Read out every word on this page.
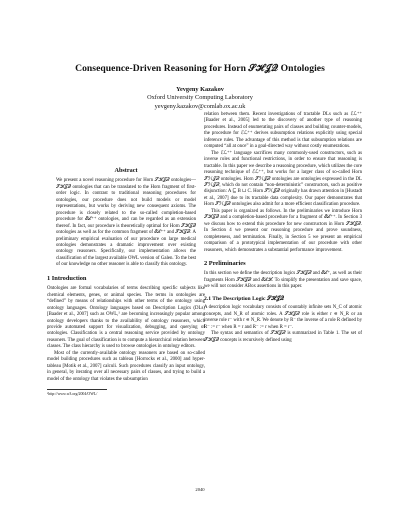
Consequence-Driven Reasoning for Horn 𝒮ℋ𝒥𝒬 Ontologies
Yevgeny Kazakov
Oxford University Computing Laboratory
yevgeny.kazakov@comlab.ox.ac.uk
Abstract

We present a novel reasoning procedure for Horn 𝒮ℋ𝒥𝒬 ontologies—𝒮ℋ𝒥𝒬 ontologies that can be translated to the Horn fragment of first-order logic. In contrast to traditional reasoning procedures for ontologies, our procedure does not build models or model representations, but works by deriving new consequent axioms. The procedure is closely related to the so-called completion-based procedure for ℰℒ⁺⁺ ontologies, and can be regarded as an extension thereof. In fact, our procedure is theoretically optimal for Horn 𝒮ℋ𝒥𝒬 ontologies as well as for the common fragment of ℰℒ⁺⁺ and 𝒮ℋ𝒥𝒬. A preliminary empirical evaluation of our procedure on large medical ontologies demonstrates a dramatic improvement over existing ontology reasoners. Specifically, our implementation allows the classification of the largest available OWL version of Galen. To the best of our knowledge no other reasoner is able to classify this ontology.

1 Introduction

Ontologies are formal vocabularies of terms describing specific subjects like chemical elements, genes, or animal species. The terms in ontologies are “defined” by means of relationships with other terms of the ontology using ontology languages. Ontology languages based on Description Logics (DLs) [Baader et al., 2007] such as OWL,¹ are becoming increasingly popular among ontology developers thanks to the availability of ontology reasoners, which provide automated support for visualization, debugging, and querying of ontologies. Classification is a central reasoning service provided by ontology reasoners. The goal of classification is to compute a hierarchical relation between classes. The class hierarchy is used to browse ontologies in ontology editors.

Most of the currently-available ontology reasoners are based on so-called model building procedures such as tableau [Horrocks et al., 2000] and hyper-tableau [Motik et al., 2007] calculi. Such procedures classify an input ontology, in general, by iterating over all necessary pairs of classes, and trying to build a model of the ontology that violates the subsumption

¹http://www.w3.org/2004/OWL/

relation between them. Recent investigations of tractable DLs such as ℰℒ⁺⁺ [Baader et al., 2005] led to the discovery of another type of reasoning procedures. Instead of enumerating pairs of classes and building counter-models, the procedure for ℰℒ⁺⁺ derives subsumption relations explicitly using special inference rules. The advantage of this method is that subsumption relations are computed “all at once” in a goal-directed way without costly enumerations.

The ℰℒ⁺⁺ language sacrifices many commonly-used constructors, such as inverse roles and functional restrictions, in order to ensure that reasoning is tractable. In this paper we describe a reasoning procedure, which utilizes the core reasoning technique of ℰℒ⁺⁺, but works for a larger class of so-called Horn 𝒮ℋ𝒥𝒬 ontologies. Horn 𝒮ℋ𝒥𝒬 ontologies are ontologies expressed in the DL 𝒮ℋ𝒥𝒬, which do not contain “non-deterministic” constructors, such as positive disjunction: A ⊑ B ⊔ C. Horn 𝒮ℋ𝒥𝒬 originally has drawn attention in [Hustadt et al., 2007] due to its tractable data complexity. Our paper demonstrates that Horn 𝒮ℋ𝒥𝒬 ontologies also admit for a more efficient classification procedure.

This paper is organized as follows. In the preliminaries we introduce Horn 𝒮ℋ𝒥𝒬 and a completion-based procedure for a fragment of ℰℒ⁺⁺. In Section 3 we discuss how to extend this procedure for new constructors in Horn 𝒮ℋ𝒥𝒬. In Section 4 we present our reasoning procedure and prove soundness, completeness, and termination. Finally, in Section 5 we present an empirical comparison of a prototypical implementation of our procedure with other reasoners, which demonstrates a substantial performance improvement.

2 Preliminaries

In this section we define the description logics 𝒮ℋ𝒥𝒬 and ℰℒ⁺, as well as their fragments Horn 𝒮ℋ𝒥𝒬 and ℰℒℋ. To simplify the presentation and save space, we will not consider ABox assertions in this paper.

2.1 The Description Logic 𝒮ℋ𝒥𝒬

A description logic vocabulary consists of countably infinite sets N_C of atomic concepts, and N_R of atomic roles. A 𝒮ℋ𝒥𝒬 role is either r ∈ N_R or an inverse role r⁻ with r ∈ N_R. We denote by R⁻ the inverse of a role R defined by R⁻ := r⁻ when R = r and R⁻ := r when R = r⁻.

The syntax and semantics of 𝒮ℋ𝒥𝒬 is summarized in Table 1. The set of 𝒮ℋ𝒥𝒬 concepts is recursively defined using

2040
